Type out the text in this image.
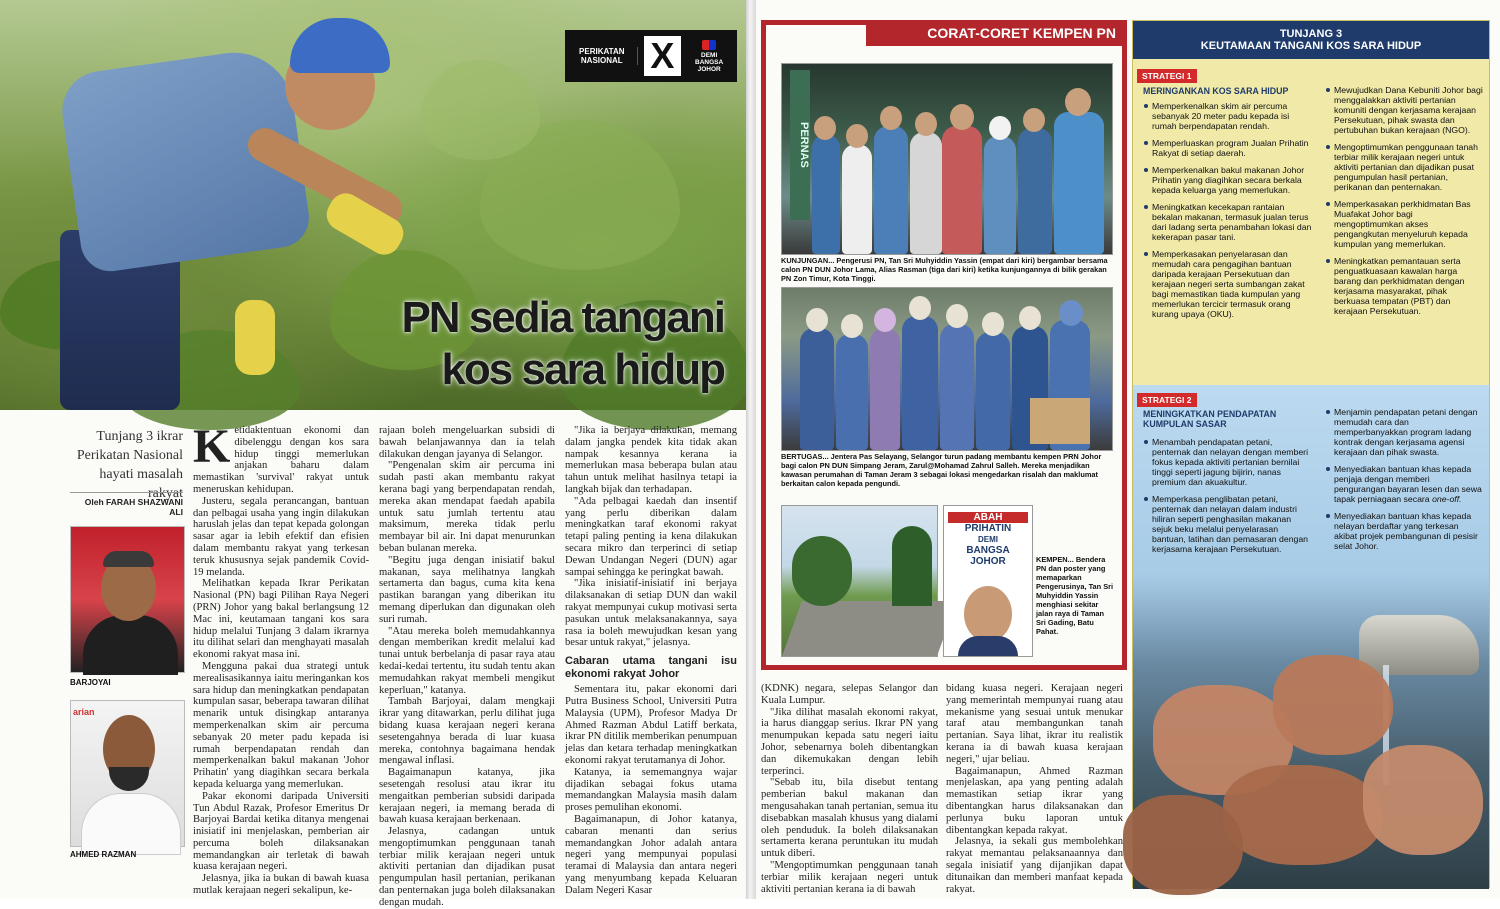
PN sedia tangani
kos sara hidup
PERIKATAN NASIONAL X	DEMI BANGSA JOHOR
Tunjang 3 ikrar Perikatan Nasional hayati masalah rakyat
Oleh FARAH SHAZWANI ALI
BARJOYAI
arian
AHMED RAZMAN

Ketidaktentuan ekonomi dan dibelenggu dengan kos sara hidup tinggi memerlukan anjakan baharu dalam memastikan 'survival' rakyat untuk meneruskan kehidupan.

Justeru, segala perancangan, bantuan dan pelbagai usaha yang ingin dilakukan haruslah jelas dan tepat kepada golongan sasar agar ia lebih efektif dan efisien dalam membantu rakyat yang terkesan teruk khususnya sejak pandemik Covid-19 melanda.

Melihatkan kepada Ikrar Perikatan Nasional (PN) bagi Pilihan Raya Negeri (PRN) Johor yang bakal berlangsung 12 Mac ini, keutamaan tangani kos sara hidup melalui Tunjang 3 dalam ikrarnya itu dilihat selari dan menghayati masalah ekonomi rakyat masa ini.

Mengguna pakai dua strategi untuk merealisasikannya iaitu meringankan kos sara hidup dan meningkatkan pendapatan kumpulan sasar, beberapa tawaran dilihat menarik untuk disingkap antaranya memperkenalkan skim air percuma sebanyak 20 meter padu kepada isi rumah berpendapatan rendah dan memperkenalkan bakul makanan 'Johor Prihatin' yang diagihkan secara berkala kepada keluarga yang memerlukan.

Pakar ekonomi daripada Universiti Tun Abdul Razak, Profesor Emeritus Dr Barjoyai Bardai ketika ditanya mengenai inisiatif ini menjelaskan, pemberian air percuma boleh dilaksanakan memandangkan air terletak di bawah kuasa kerajaan negeri.

Jelasnya, jika ia bukan di bawah kuasa mutlak kerajaan negeri sekalipun, ke-

rajaan boleh mengeluarkan subsidi di bawah belanjawannya dan ia telah dilakukan dengan jayanya di Selangor.

"Pengenalan skim air percuma ini sudah pasti akan membantu rakyat kerana bagi yang berpendapatan rendah, mereka akan mendapat faedah apabila untuk satu jumlah tertentu atau maksimum, mereka tidak perlu membayar bil air. Ini dapat menurunkan beban bulanan mereka.

"Begitu juga dengan inisiatif bakul makanan, saya melihatnya langkah sertamerta dan bagus, cuma kita kena pastikan barangan yang diberikan itu memang diperlukan dan digunakan oleh suri rumah.

"Atau mereka boleh memudahkannya dengan memberikan kredit melalui kad tunai untuk berbelanja di pasar raya atau kedai-kedai tertentu, itu sudah tentu akan memudahkan rakyat membeli mengikut keperluan," katanya.

Tambah Barjoyai, dalam mengkaji ikrar yang ditawarkan, perlu dilihat juga bidang kuasa kerajaan negeri kerana sesetengahnya berada di luar kuasa mereka, contohnya bagaimana hendak mengawal inflasi.

Bagaimanapun katanya, jika sesetengah resolusi atau ikrar itu mengaitkan pemberian subsidi daripada kerajaan negeri, ia memang berada di bawah kuasa kerajaan berkenaan.

Jelasnya, cadangan untuk mengoptimumkan penggunaan tanah terbiar milik kerajaan negeri untuk aktiviti pertanian dan dijadikan pusat pengumpulan hasil pertanian, perikanan dan penternakan juga boleh dilaksanakan dengan mudah.

"Jika ia berjaya dilakukan, memang dalam jangka pendek kita tidak akan nampak kesannya kerana ia memerlukan masa beberapa bulan atau tahun untuk melihat hasilnya tetapi ia langkah bijak dan terhadapan.

"Ada pelbagai kaedah dan insentif yang perlu diberikan dalam meningkatkan taraf ekonomi rakyat tetapi paling penting ia kena dilakukan secara mikro dan terperinci di setiap Dewan Undangan Negeri (DUN) agar sampai sehingga ke peringkat bawah.

"Jika inisiatif-inisiatif ini berjaya dilaksanakan di setiap DUN dan wakil rakyat mempunyai cukup motivasi serta pasukan untuk melaksanakannya, saya rasa ia boleh mewujudkan kesan yang besar untuk rakyat," jelasnya.

Cabaran utama tangani isu ekonomi rakyat Johor

Sementara itu, pakar ekonomi dari Putra Business School, Universiti Putra Malaysia (UPM), Profesor Madya Dr Ahmed Razman Abdul Latiff berkata, ikrar PN ditilik memberikan penumpuan jelas dan ketara terhadap meningkatkan ekonomi rakyat terutamanya di Johor.

Katanya, ia sememangnya wajar dijadikan sebagai fokus utama memandangkan Malaysia masih dalam proses pemulihan ekonomi.

Bagaimanapun, di Johor katanya, cabaran menanti dan serius memandangkan Johor adalah antara negeri yang mempunyai populasi teramai di Malaysia dan antara negeri yang menyumbang kepada Keluaran Dalam Negeri Kasar

CORAT-CORET KEMPEN PN
PERNAS
KUNJUNGAN... Pengerusi PN, Tan Sri Muhyiddin Yassin (empat dari kiri) bergambar bersama calon PN DUN Johor Lama, Alias Rasman (tiga dari kiri) ketika kunjungannya di bilik gerakan PN Zon Timur, Kota Tinggi.
BERTUGAS... Jentera Pas Selayang, Selangor turun padang membantu kempen PRN Johor bagi calon PN DUN Simpang Jeram, Zarul@Mohamad Zahrul Salleh. Mereka menjadikan kawasan perumahan di Taman Jeram 3 sebagai lokasi mengedarkan risalah dan maklumat berkaitan calon kepada pengundi.
ABAH
PRIHATIN
DEMI
BANGSA
JOHOR	KEMPEN... Bendera PN dan poster yang memaparkan Pengerusinya, Tan Sri Muhyiddin Yassin menghiasi sekitar jalan raya di Taman Sri Gading, Batu Pahat.

(KDNK) negara, selepas Selangor dan Kuala Lumpur.

"Jika dilihat masalah ekonomi rakyat, ia harus dianggap serius. Ikrar PN yang menumpukan kepada satu negeri iaitu Johor, sebenarnya boleh dibentangkan dan dikemukakan dengan lebih terperinci.

"Sebab itu, bila disebut tentang pemberian bakul makanan dan mengusahakan tanah pertanian, semua itu disebabkan masalah khusus yang dialami oleh penduduk. Ia boleh dilaksanakan sertamerta kerana peruntukan itu mudah untuk diberi.

"Mengoptimumkan penggunaan tanah terbiar milik kerajaan negeri untuk aktiviti pertanian kerana ia di bawah

bidang kuasa negeri. Kerajaan negeri yang memerintah mempunyai ruang atau mekanisme yang sesuai untuk menukar taraf atau membangunkan tanah pertanian. Saya lihat, ikrar itu realistik kerana ia di bawah kuasa kerajaan negeri," ujar beliau.

Bagaimanapun, Ahmed Razman menjelaskan, apa yang penting adalah memastikan setiap ikrar yang dibentangkan harus dilaksanakan dan perlunya buku laporan untuk dibentangkan kepada rakyat.

Jelasnya, ia sekali gus membolehkan rakyat memantau pelaksanaannya dan segala inisiatif yang dijanjikan dapat ditunaikan dan memberi manfaat kepada rakyat.

TUNJANG 3
KEUTAMAAN TANGANI KOS SARA HIDUP
STRATEGI 1
MERINGANKAN KOS SARA HIDUP
Memperkenalkan skim air percuma sebanyak 20 meter padu kepada isi rumah berpendapatan rendah.
Memperluaskan program Jualan Prihatin Rakyat di setiap daerah.
Memperkenalkan bakul makanan Johor Prihatin yang diagihkan secara berkala kepada keluarga yang memerlukan.
Meningkatkan kecekapan rantaian bekalan makanan, termasuk jualan terus dari ladang serta penambahan lokasi dan kekerapan pasar tani.
Memperkasakan penyelarasan dan memudah cara pengagihan bantuan daripada kerajaan Persekutuan dan kerajaan negeri serta sumbangan zakat bagi memastikan tiada kumpulan yang memerlukan tercicir termasuk orang kurang upaya (OKU).
Mewujudkan Dana Kebuniti Johor bagi menggalakkan aktiviti pertanian komuniti dengan kerjasama kerajaan Persekutuan, pihak swasta dan pertubuhan bukan kerajaan (NGO).
Mengoptimumkan penggunaan tanah terbiar milik kerajaan negeri untuk aktiviti pertanian dan dijadikan pusat pengumpulan hasil pertanian, perikanan dan penternakan.
Memperkasakan perkhidmatan Bas Muafakat Johor bagi mengoptimumkan akses pengangkutan menyeluruh kepada kumpulan yang memerlukan.
Meningkatkan pemantauan serta penguatkuasaan kawalan harga barang dan perkhidmatan dengan kerjasama masyarakat, pihak berkuasa tempatan (PBT) dan kerajaan Persekutuan.
STRATEGI 2
MENINGKATKAN PENDAPATAN KUMPULAN SASAR
Menambah pendapatan petani, penternak dan nelayan dengan memberi fokus kepada aktiviti pertanian bernilai tinggi seperti jagung bijirin, nanas premium dan akuakultur.
Memperkasa penglibatan petani, penternak dan nelayan dalam industri hiliran seperti penghasilan makanan sejuk beku melalui penyelarasan bantuan, latihan dan pemasaran dengan kerjasama kerajaan Persekutuan.
Menjamin pendapatan petani dengan memudah cara dan memperbanyakkan program ladang kontrak dengan kerjasama agensi kerajaan dan pihak swasta.
Menyediakan bantuan khas kepada penjaja dengan memberi pengurangan bayaran lesen dan sewa tapak perniagaan secara one-off.
Menyediakan bantuan khas kepada nelayan berdaftar yang terkesan akibat projek pembangunan di pesisir selat Johor.
